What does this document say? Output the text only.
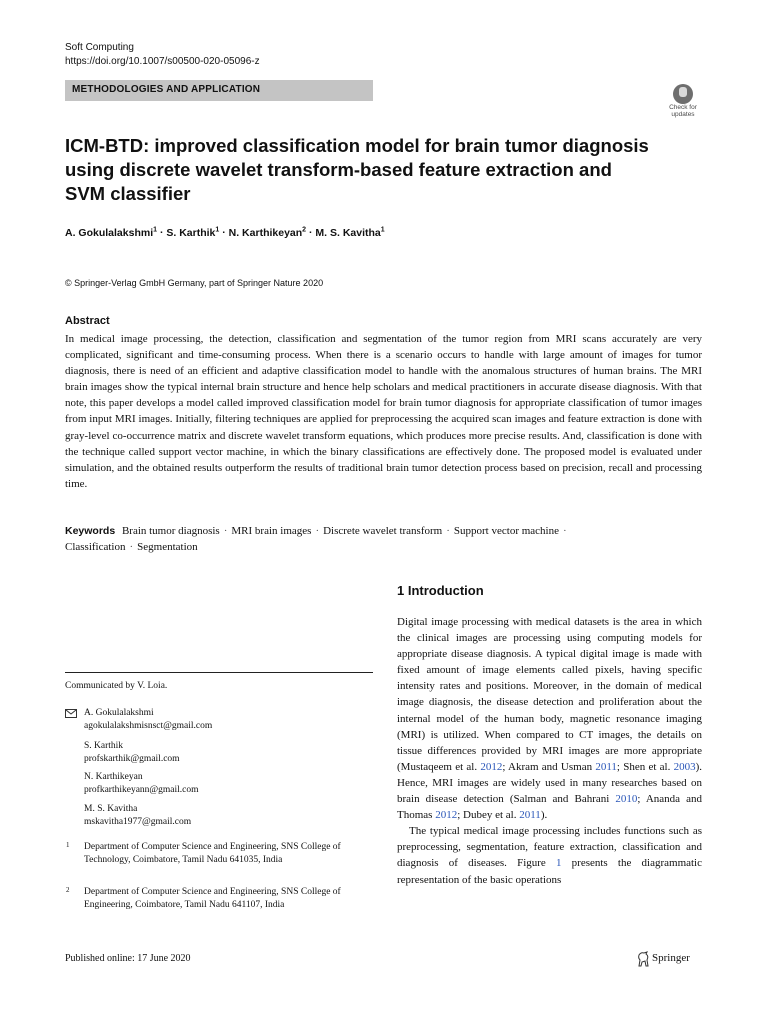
Soft Computing
https://doi.org/10.1007/s00500-020-05096-z
METHODOLOGIES AND APPLICATION
Check for updates
ICM-BTD: improved classification model for brain tumor diagnosis using discrete wavelet transform-based feature extraction and SVM classifier
A. Gokulalakshmi$^1$ · S. Karthik$^1$ · N. Karthikeyan$^2$ · M. S. Kavitha$^1$
© Springer-Verlag GmbH Germany, part of Springer Nature 2020
Abstract
In medical image processing, the detection, classification and segmentation of the tumor region from MRI scans accurately are very complicated, significant and time-consuming process. When there is a scenario occurs to handle with large amount of images for tumor diagnosis, there is need of an efficient and adaptive classification model to handle with the anomalous structures of human brains. The MRI brain images show the typical internal brain structure and hence help scholars and medical practitioners in accurate disease diagnosis. With that note, this paper develops a model called improved classification model for brain tumor diagnosis for appropriate classification of tumor images from input MRI images. Initially, filtering techniques are applied for preprocessing the acquired scan images and feature extraction is done with gray-level co-occurrence matrix and discrete wavelet transform equations, which produces more precise results. And, classification is done with the technique called support vector machine, in which the binary classifications are effectively done. The proposed model is evaluated under simulation, and the obtained results outperform the results of traditional brain tumor detection process based on precision, recall and processing time.
Keywords Brain tumor diagnosis · MRI brain images · Discrete wavelet transform · Support vector machine ·
Classification · Segmentation
1 Introduction

Digital image processing with medical datasets is the area in which the clinical images are processing using computing models for appropriate disease diagnosis. A typical digital image is made with fixed amount of image elements called pixels, having specific intensity rates and positions. Moreover, in the domain of medical image diagnosis, the disease detection and proliferation about the internal model of the human body, magnetic resonance imaging (MRI) is utilized. When compared to CT images, the details on tissue differences provided by MRI images are more appropriate (Mustaqeem et al. 2012; Akram and Usman 2011; Shen et al. 2003). Hence, MRI images are widely used in many researches based on brain disease detection (Salman and Bahrani 2010; Ananda and Thomas 2012; Dubey et al. 2011).

The typical medical image processing includes functions such as preprocessing, segmentation, feature extraction, classification and diagnosis of diseases. Figure 1 presents the diagrammatic representation of the basic operations

Communicated by V. Loia.
A. Gokulalakshmi
agokulalakshmisnsct@gmail.com
S. Karthik
profskarthik@gmail.com
N. Karthikeyan
profkarthikeyann@gmail.com
M. S. Kavitha
mskavitha1977@gmail.com
1 Department of Computer Science and Engineering, SNS College of Technology, Coimbatore, Tamil Nadu 641035, India
2 Department of Computer Science and Engineering, SNS College of Engineering, Coimbatore, Tamil Nadu 641107, India
Published online: 17 June 2020	Springer
